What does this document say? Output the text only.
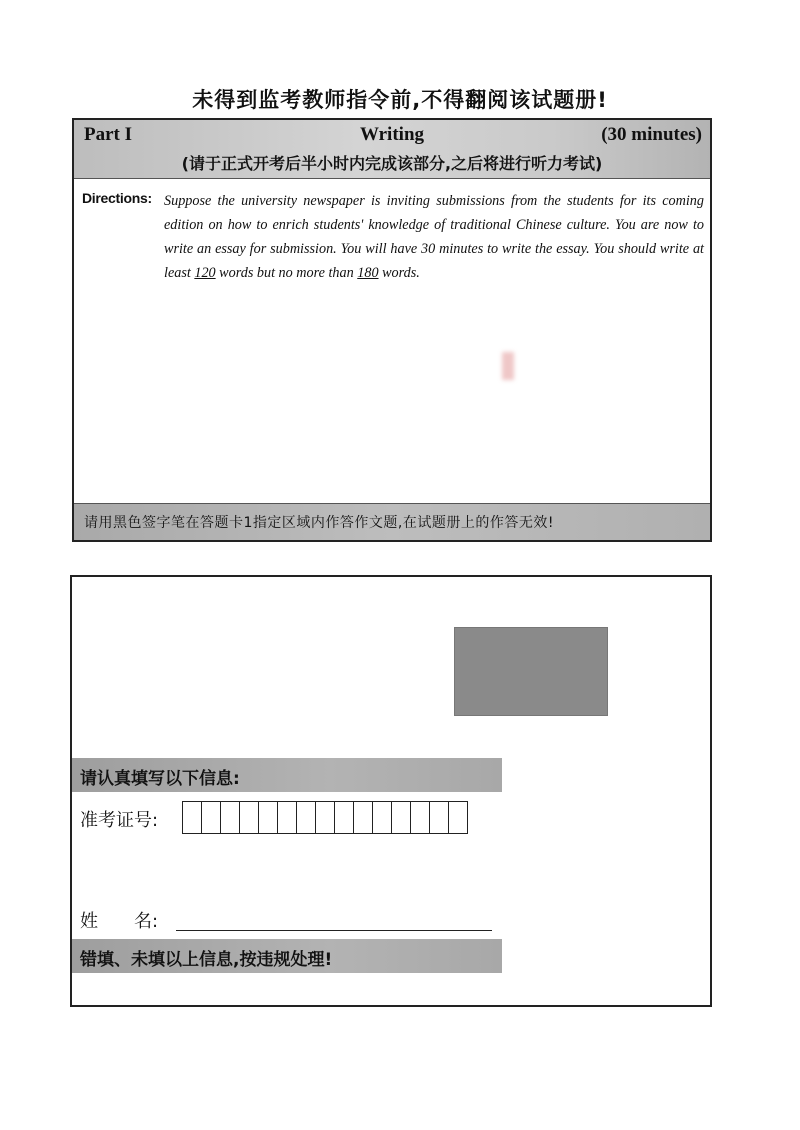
未得到监考教师指令前,不得翻阅该试题册!
Part I	Writing	(30 minutes)
(请于正式开考后半小时内完成该部分,之后将进行听力考试)
Directions: Suppose the university newspaper is inviting submissions from the students for its coming edition on how to enrich students' knowledge of traditional Chinese culture. You are now to write an essay for submission. You will have 30 minutes to write the essay. You should write at least 120 words but no more than 180 words.
请用黑色签字笔在答题卡1指定区域内作答作文题,在试题册上的作答无效!
请认真填写以下信息:
准考证号:
姓　　名:
错填、未填以上信息,按违规处理!
